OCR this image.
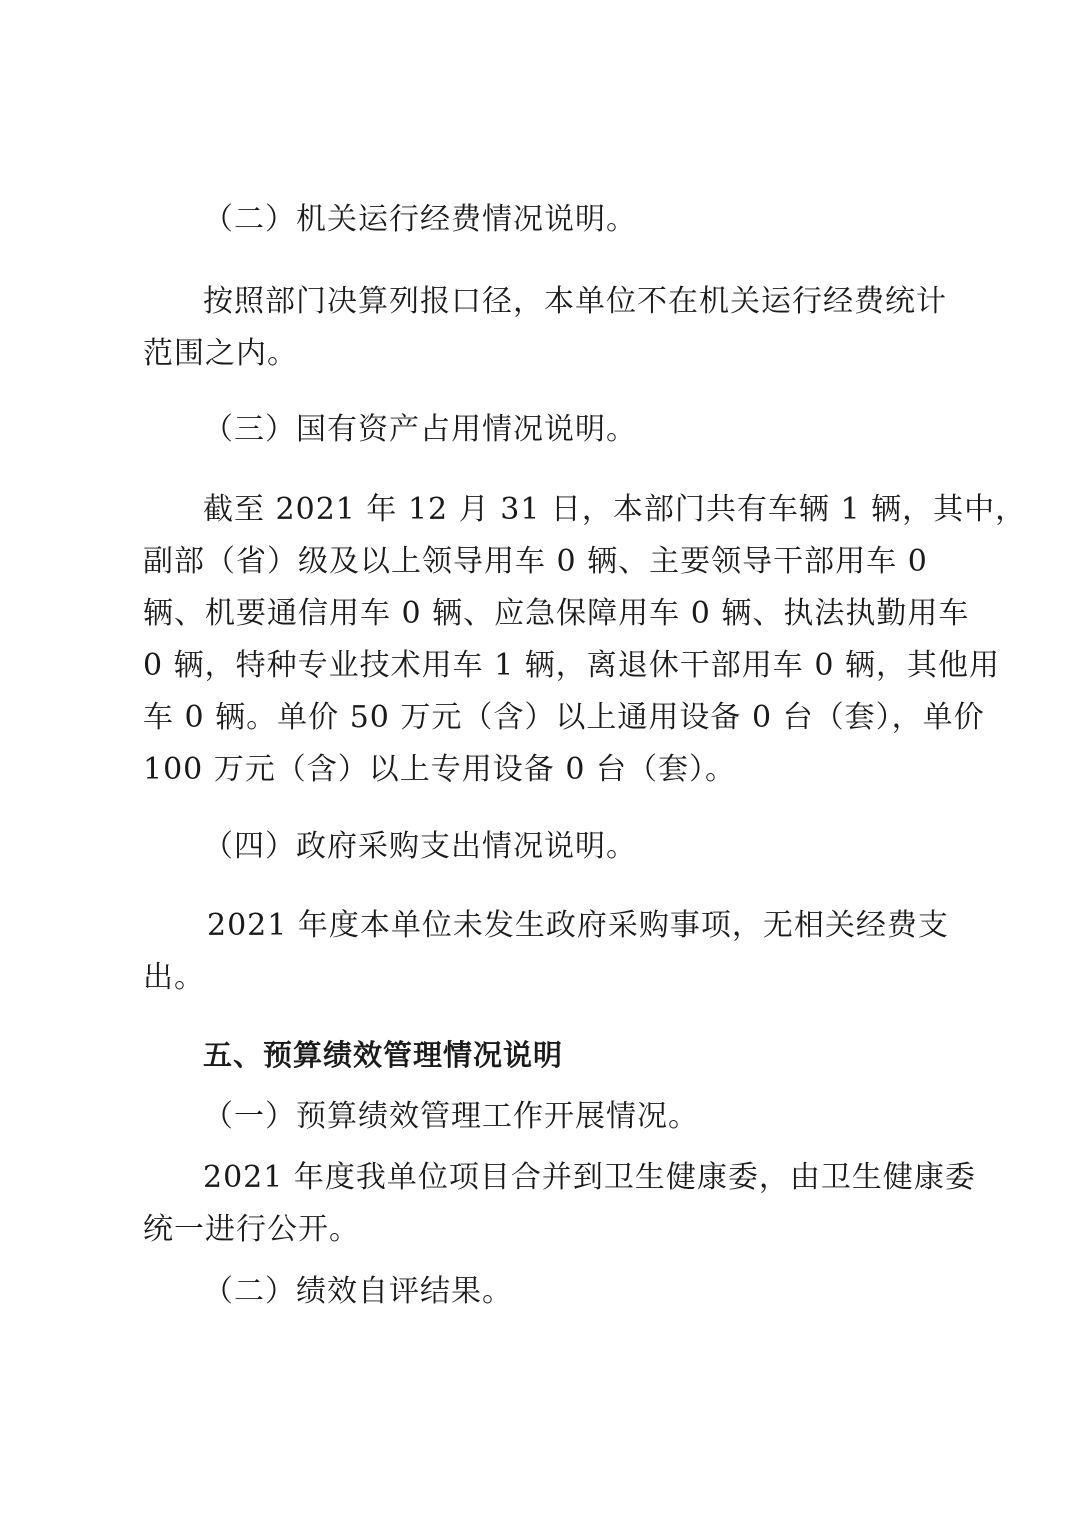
（二）机关运行经费情况说明。

按照部门决算列报口径，本单位不在机关运行经费统计

范围之内。

（三）国有资产占用情况说明。

截至 2021 年 12 月 31 日，本部门共有车辆 1 辆，其中，

副部（省）级及以上领导用车 0 辆、主要领导干部用车 0

辆、机要通信用车 0 辆、应急保障用车 0 辆、执法执勤用车

0 辆，特种专业技术用车 1 辆，离退休干部用车 0 辆，其他用

车 0 辆。单价 50 万元（含）以上通用设备 0 台（套），单价

100 万元（含）以上专用设备 0 台（套）。

（四）政府采购支出情况说明。

2021 年度本单位未发生政府采购事项，无相关经费支

出。

五、预算绩效管理情况说明

（一）预算绩效管理工作开展情况。

2021 年度我单位项目合并到卫生健康委，由卫生健康委

统一进行公开。

（二）绩效自评结果。
